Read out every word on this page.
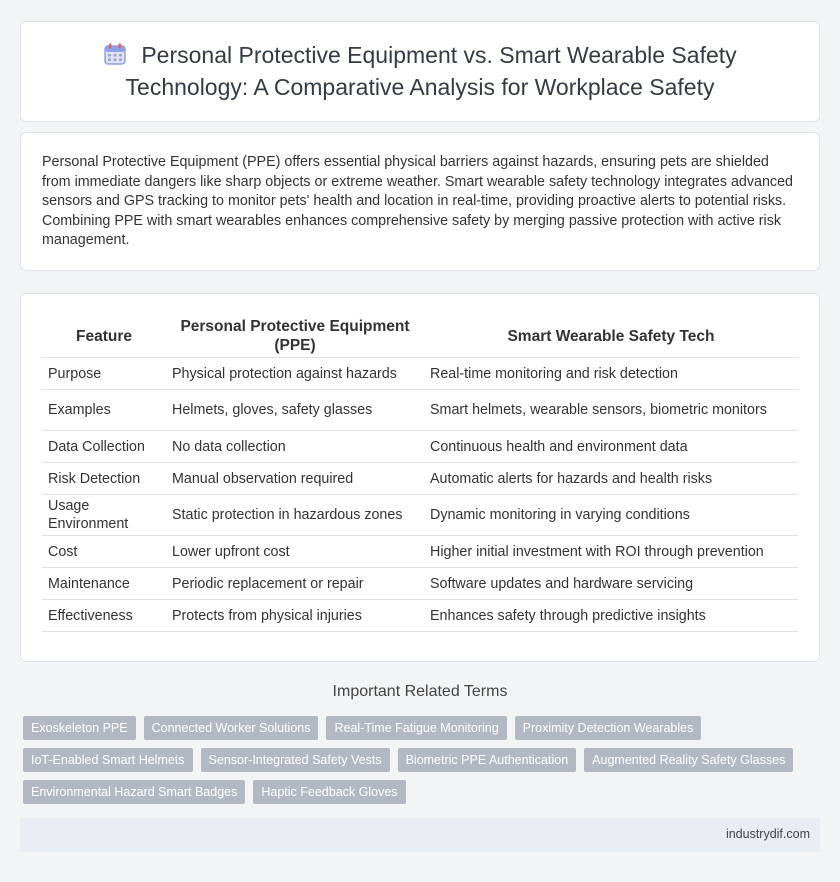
Personal Protective Equipment vs. Smart Wearable Safety Technology: A Comparative Analysis for Workplace Safety

Personal Protective Equipment (PPE) offers essential physical barriers against hazards, ensuring pets are shielded from immediate dangers like sharp objects or extreme weather. Smart wearable safety technology integrates advanced sensors and GPS tracking to monitor pets' health and location in real-time, providing proactive alerts to potential risks. Combining PPE with smart wearables enhances comprehensive safety by merging passive protection with active risk management.

Feature	Personal Protective Equipment (PPE)	Smart Wearable Safety Tech
Purpose	Physical protection against hazards	Real-time monitoring and risk detection
Examples	Helmets, gloves, safety glasses	Smart helmets, wearable sensors, biometric monitors
Data Collection	No data collection	Continuous health and environment data
Risk Detection	Manual observation required	Automatic alerts for hazards and health risks
Usage Environment	Static protection in hazardous zones	Dynamic monitoring in varying conditions
Cost	Lower upfront cost	Higher initial investment with ROI through prevention
Maintenance	Periodic replacement or repair	Software updates and hardware servicing
Effectiveness	Protects from physical injuries	Enhances safety through predictive insights
Important Related Terms
Exoskeleton PPE	Connected Worker Solutions	Real-Time Fatigue Monitoring	Proximity Detection Wearables
IoT-Enabled Smart Helmets	Sensor-Integrated Safety Vests	Biometric PPE Authentication	Augmented Reality Safety Glasses
Environmental Hazard Smart Badges	Haptic Feedback Gloves
industrydif.com
